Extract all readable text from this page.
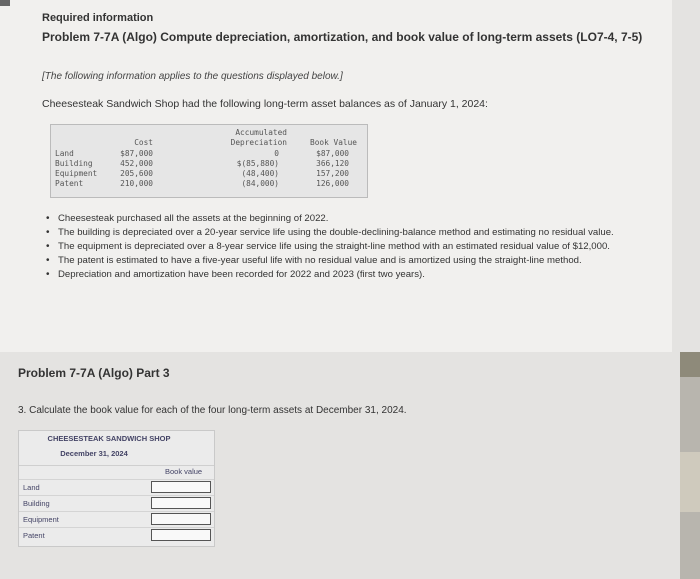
Required information
Problem 7-7A (Algo) Compute depreciation, amortization, and book value of long-term assets (LO7-4, 7-5)
[The following information applies to the questions displayed below.]
Cheesesteak Sandwich Shop had the following long-term asset balances as of January 1, 2024:
Cost
Accumulated
Depreciation	Book Value
Land	$87,000	0	$87,000
Building	452,000	$(85,880)	366,120
Equipment	205,600	(48,400)	157,200
Patent	210,000	(84,000)	126,000
• Cheesesteak purchased all the assets at the beginning of 2022.
• The building is depreciated over a 20-year service life using the double-declining-balance method and estimating no residual value.
• The equipment is depreciated over a 8-year service life using the straight-line method with an estimated residual value of $12,000.
• The patent is estimated to have a five-year useful life with no residual value and is amortized using the straight-line method.
• Depreciation and amortization have been recorded for 2022 and 2023 (first two years).
Problem 7-7A (Algo) Part 3
3. Calculate the book value for each of the four long-term assets at December 31, 2024.
CHEESESTEAK SANDWICH SHOP
December 31, 2024
Book value
Land
Building
Equipment
Patent
